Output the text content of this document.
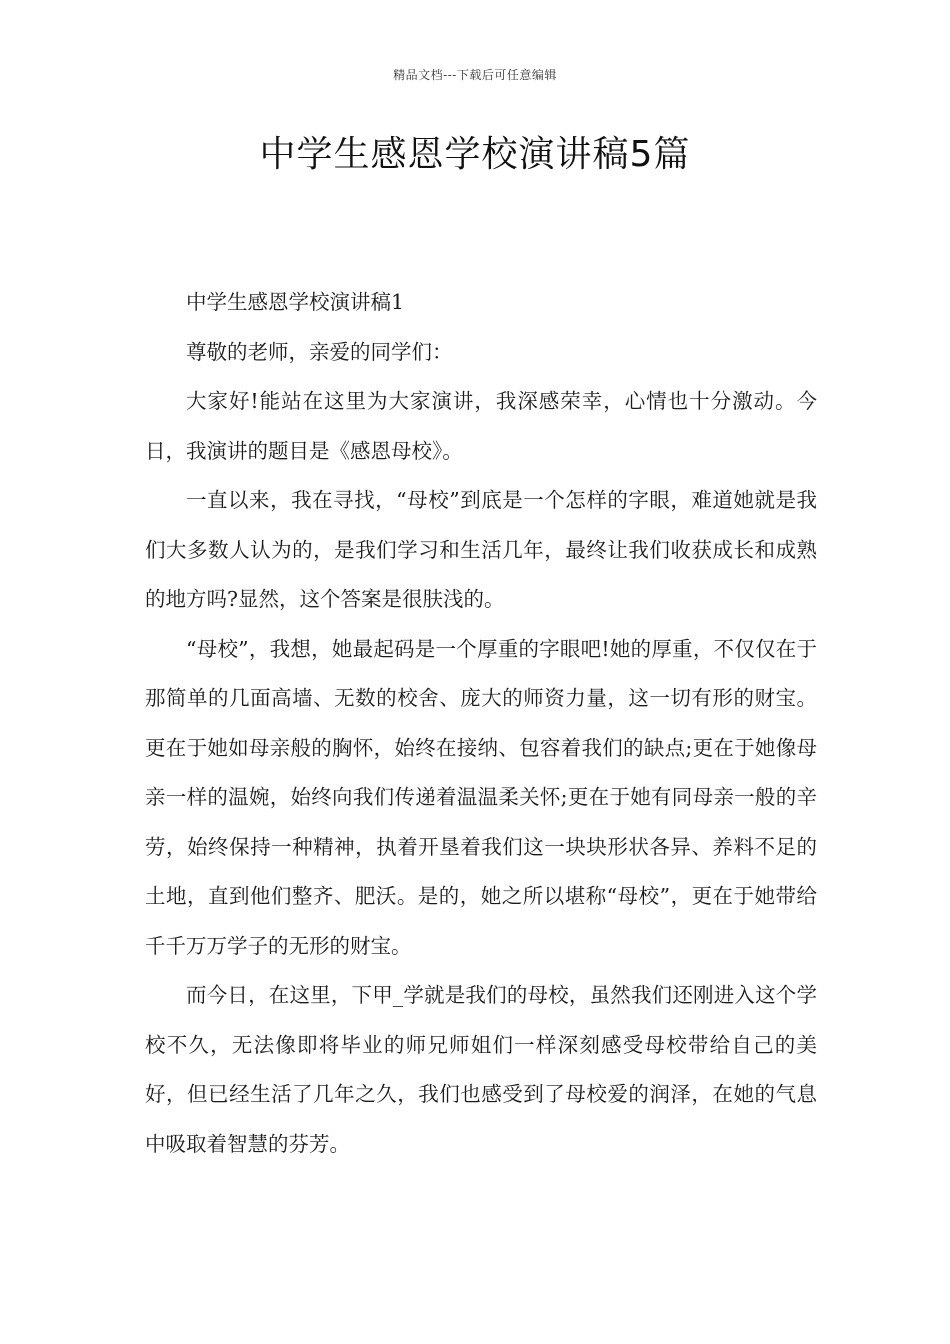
精品文档---下载后可任意编辑
中学生感恩学校演讲稿5篇

中学生感恩学校演讲稿1

尊敬的老师，亲爱的同学们：

大家好!能站在这里为大家演讲，我深感荣幸，心情也十分激动。今日，我演讲的题目是《感恩母校》。

一直以来，我在寻找，“母校”到底是一个怎样的字眼，难道她就是我们大多数人认为的，是我们学习和生活几年，最终让我们收获成长和成熟的地方吗?显然，这个答案是很肤浅的。

“母校”，我想，她最起码是一个厚重的字眼吧!她的厚重，不仅仅在于那简单的几面高墙、无数的校舍、庞大的师资力量，这一切有形的财宝。更在于她如母亲般的胸怀，始终在接纳、包容着我们的缺点;更在于她像母亲一样的温婉，始终向我们传递着温温柔关怀;更在于她有同母亲一般的辛劳，始终保持一种精神，执着开垦着我们这一块块形状各异、养料不足的土地，直到他们整齐、肥沃。是的，她之所以堪称“母校”，更在于她带给千千万万学子的无形的财宝。

而今日，在这里，下甲_学就是我们的母校，虽然我们还刚进入这个学校不久，无法像即将毕业的师兄师姐们一样深刻感受母校带给自己的美好，但已经生活了几年之久，我们也感受到了母校爱的润泽，在她的气息中吸取着智慧的芬芳。
